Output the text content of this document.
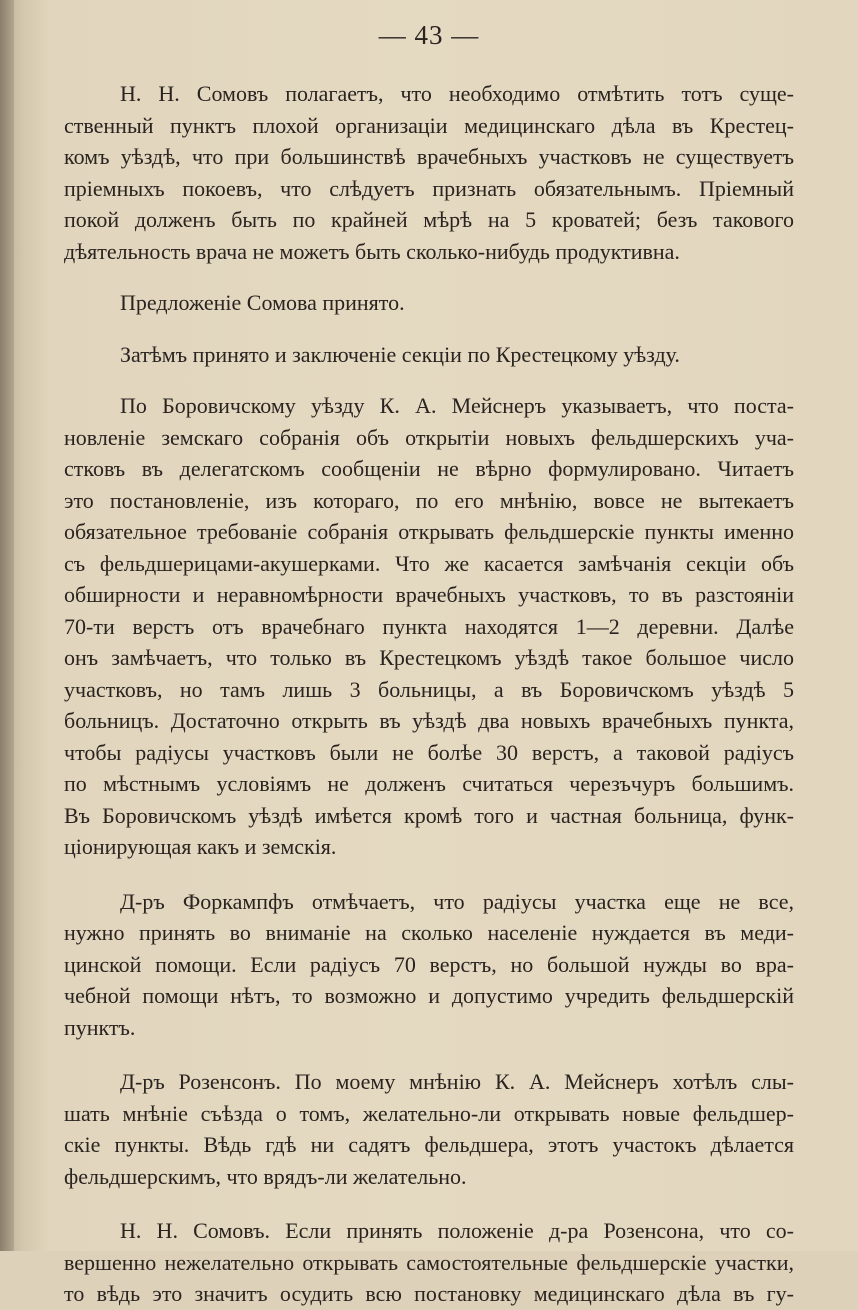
— 43 —
Н. Н. Сомовъ полагаетъ, что необходимо отмѣтить тотъ суще-
ственный пунктъ плохой организаціи медицинскаго дѣла въ Крестец-
комъ уѣздѣ, что при большинствѣ врачебныхъ участковъ не существуетъ
пріемныхъ покоевъ, что слѣдуетъ признать обязательнымъ. Пріемный
покой долженъ быть по крайней мѣрѣ на 5 кроватей; безъ такового
дѣятельность врача не можетъ быть сколько-нибудь продуктивна.
Предложеніе Сомова принято.
Затѣмъ принято и заключеніе секціи по Крестецкому уѣзду.
По Боровичскому уѣзду К. А. Мейснеръ указываетъ, что поста-
новленіе земскаго собранія объ открытіи новыхъ фельдшерскихъ уча-
стковъ въ делегатскомъ сообщеніи не вѣрно формулировано. Читаетъ
это постановленіе, изъ котораго, по его мнѣнію, вовсе не вытекаетъ
обязательное требованіе собранія открывать фельдшерскіе пункты именно
съ фельдшерицами-акушерками. Что же касается замѣчанія секціи объ
обширности и неравномѣрности врачебныхъ участковъ, то въ разстояніи
70-ти верстъ отъ врачебнаго пункта находятся 1—2 деревни. Далѣе
онъ замѣчаетъ, что только въ Крестецкомъ уѣздѣ такое большое число
участковъ, но тамъ лишь 3 больницы, а въ Боровичскомъ уѣздѣ 5
больницъ. Достаточно открыть въ уѣздѣ два новыхъ врачебныхъ пункта,
чтобы радіусы участковъ были не болѣе 30 верстъ, а таковой радіусъ
по мѣстнымъ условіямъ не долженъ считаться черезъчуръ большимъ.
Въ Боровичскомъ уѣздѣ имѣется кромѣ того и частная больница, функ-
ціонирующая какъ и земскія.
Д-ръ Форкампфъ отмѣчаетъ, что радіусы участка еще не все,
нужно принять во вниманіе на сколько населеніе нуждается въ меди-
цинской помощи. Если радіусъ 70 верстъ, но большой нужды во вра-
чебной помощи нѣтъ, то возможно и допустимо учредить фельдшерскій
пунктъ.
Д-ръ Розенсонъ. По моему мнѣнію К. А. Мейснеръ хотѣлъ слы-
шать мнѣніе съѣзда о томъ, желательно-ли открывать новые фельдшер-
скіе пункты. Вѣдь гдѣ ни садятъ фельдшера, этотъ участокъ дѣлается
фельдшерскимъ, что врядъ-ли желательно.
Н. Н. Сомовъ. Если принять положеніе д-ра Розенсона, что со-
вершенно нежелательно открывать самостоятельные фельдшерскіе участки,
то вѣдь это значитъ осудить всю постановку медицинскаго дѣла въ гу-
